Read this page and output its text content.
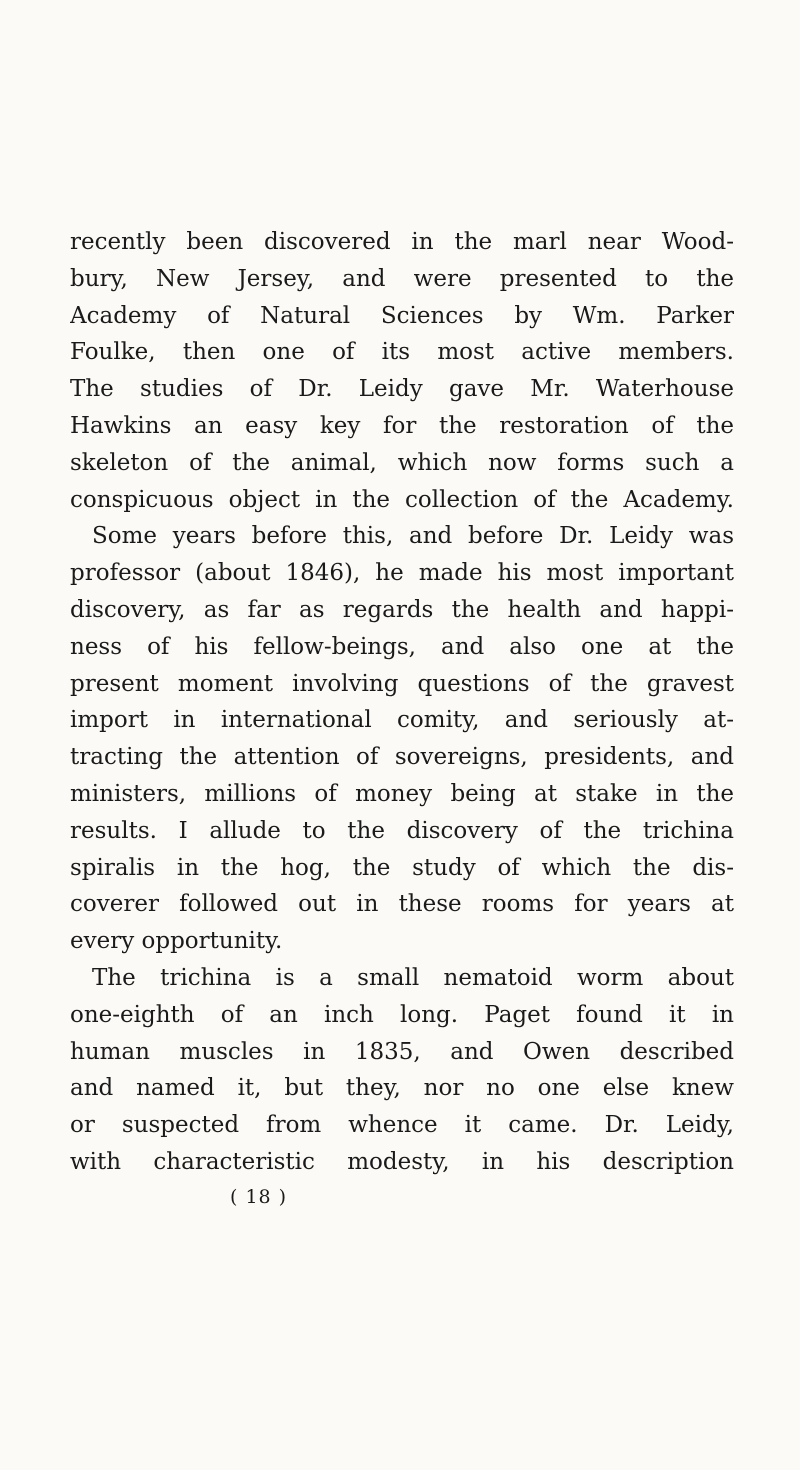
recently been discovered in the marl near Wood-
bury, New Jersey, and were presented to the
Academy of Natural Sciences by Wm. Parker
Foulke, then one of its most active members.
The studies of Dr. Leidy gave Mr. Waterhouse
Hawkins an easy key for the restoration of the
skeleton of the animal, which now forms such a
conspicuous object in the collection of the Academy.
Some years before this, and before Dr. Leidy was
professor (about 1846), he made his most important
discovery, as far as regards the health and happi-
ness of his fellow-beings, and also one at the
present moment involving questions of the gravest
import in international comity, and seriously at-
tracting the attention of sovereigns, presidents, and
ministers, millions of money being at stake in the
results. I allude to the discovery of the trichina
spiralis in the hog, the study of which the dis-
coverer followed out in these rooms for years at
every opportunity.
The trichina is a small nematoid worm about
one-eighth of an inch long. Paget found it in
human muscles in 1835, and Owen described
and named it, but they, nor no one else knew
or suspected from whence it came. Dr. Leidy,
with characteristic modesty, in his description
( 18 )
